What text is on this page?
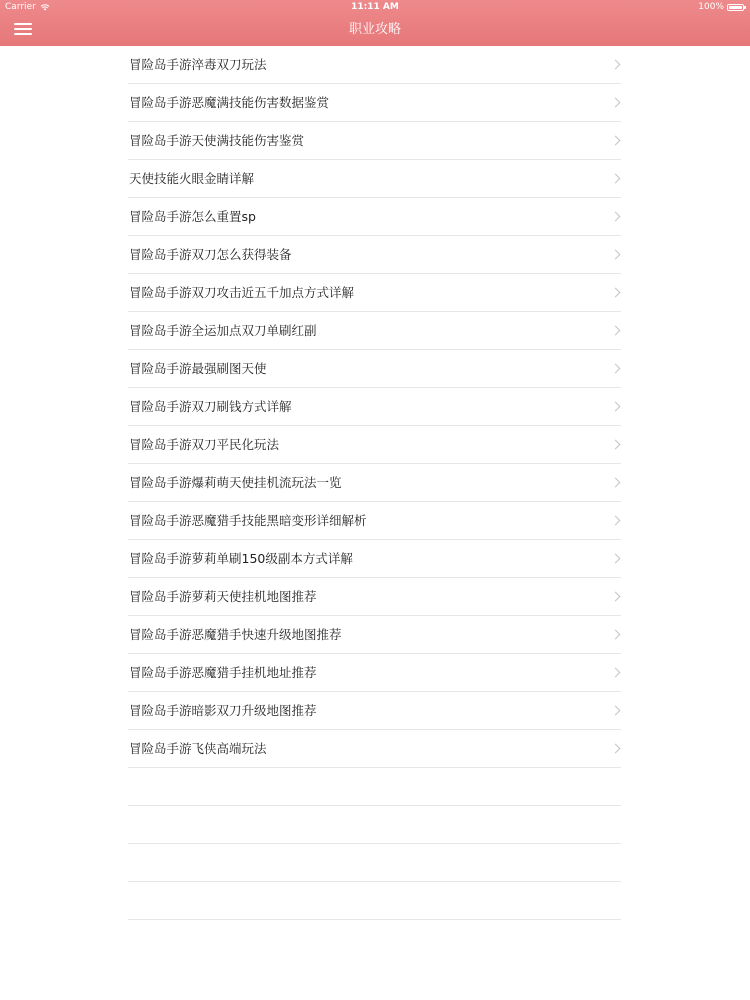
Carrier	11:11 AM	100%
职业攻略
冒险岛手游淬毒双刀玩法
冒险岛手游恶魔满技能伤害数据鉴赏
冒险岛手游天使满技能伤害鉴赏
天使技能火眼金睛详解
冒险岛手游怎么重置sp
冒险岛手游双刀怎么获得装备
冒险岛手游双刀攻击近五千加点方式详解
冒险岛手游全运加点双刀单刷红副
冒险岛手游最强刷图天使
冒险岛手游双刀刷钱方式详解
冒险岛手游双刀平民化玩法
冒险岛手游爆莉萌天使挂机流玩法一览
冒险岛手游恶魔猎手技能黑暗变形详细解析
冒险岛手游萝莉单刷150级副本方式详解
冒险岛手游萝莉天使挂机地图推荐
冒险岛手游恶魔猎手快速升级地图推荐
冒险岛手游恶魔猎手挂机地址推荐
冒险岛手游暗影双刀升级地图推荐
冒险岛手游飞侠高端玩法
